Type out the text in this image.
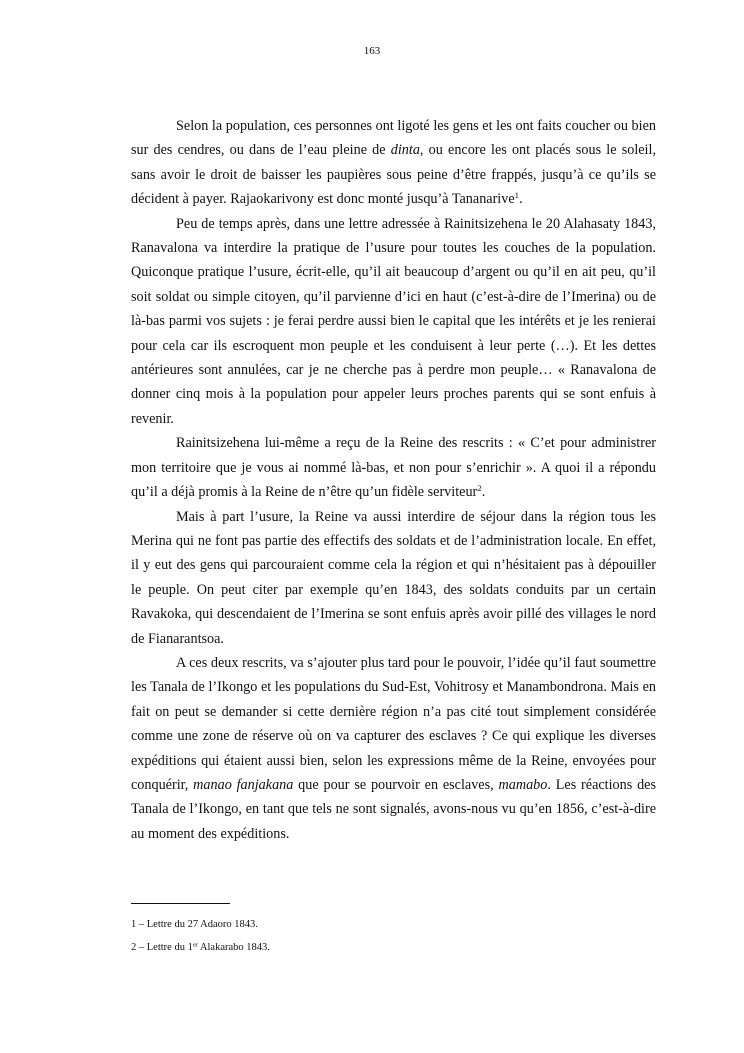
163

Selon la population, ces personnes ont ligoté les gens et les ont faits coucher ou bien sur des cendres, ou dans de l’eau pleine de dinta, ou encore les ont placés sous le soleil, sans avoir le droit de baisser les paupières sous peine d’être frappés, jusqu’à ce qu’ils se décident à payer. Rajaokarivony est donc monté jusqu’à Tananarive$^1$.

Peu de temps après, dans une lettre adressée à Rainitsizehena le 20 Alahasaty 1843, Ranavalona va interdire la pratique de l’usure pour toutes les couches de la population. Quiconque pratique l’usure, écrit-elle, qu’il ait beaucoup d’argent ou qu’il en ait peu, qu’il soit soldat ou simple citoyen, qu’il parvienne d’ici en haut (c’est-à-dire de l’Imerina) ou de là-bas parmi vos sujets : je ferai perdre aussi bien le capital que les intérêts et je les renierai pour cela car ils escroquent mon peuple et les conduisent à leur perte (…). Et les dettes antérieures sont annulées, car je ne cherche pas à perdre mon peuple… « Ranavalona de donner cinq mois à la population pour appeler leurs proches parents qui se sont enfuis à revenir.

Rainitsizehena lui-même a reçu de la Reine des rescrits : « C’et pour administrer mon territoire que je vous ai nommé là-bas, et non pour s’enrichir ». A quoi il a répondu qu’il a déjà promis à la Reine de n’être qu’un fidèle serviteur$^2$.

Mais à part l’usure, la Reine va aussi interdire de séjour dans la région tous les Merina qui ne font pas partie des effectifs des soldats et de l’administration locale. En effet, il y eut des gens qui parcouraient comme cela la région et qui n’hésitaient pas à dépouiller le peuple. On peut citer par exemple qu’en 1843, des soldats conduits par un certain Ravakoka, qui descendaient de l’Imerina se sont enfuis après avoir pillé des villages le nord de Fianarantsoa.

A ces deux rescrits, va s’ajouter plus tard pour le pouvoir, l’idée qu’il faut soumettre les Tanala de l’Ikongo et les populations du Sud-Est, Vohitrosy et Manambondrona. Mais en fait on peut se demander si cette dernière région n’a pas cité tout simplement considérée comme une zone de réserve où on va capturer des esclaves ? Ce qui explique les diverses expéditions qui étaient aussi bien, selon les expressions même de la Reine, envoyées pour conquérir, manao fanjakana que pour se pourvoir en esclaves, mamabo. Les réactions des Tanala de l’Ikongo, en tant que tels ne sont signalés, avons-nous vu qu’en 1856, c’est-à-dire au moment des expéditions.

1 – Lettre du 27 Adaoro 1843.

2 – Lettre du 1er Alakarabo 1843.
